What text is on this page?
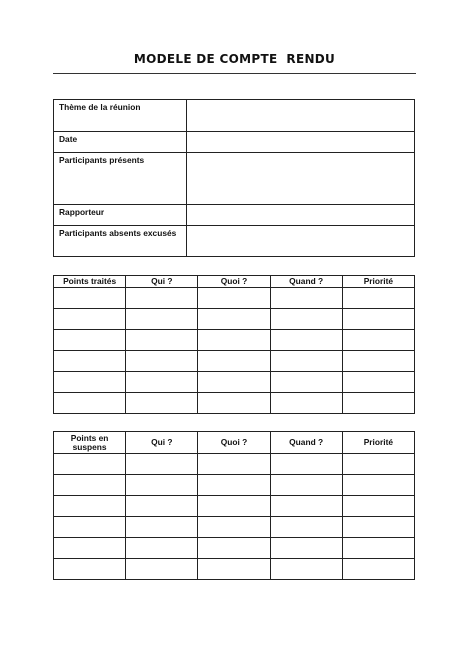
MODELE DE COMPTE  RENDU
Thème de la réunion	
Date	
Participants présents	
Rapporteur	
Participants absents excusés	
Points traités	Qui ?	Quoi ?	Quand ?	Priorité

Points en suspens	Qui ?	Quoi ?	Quand ?	Priorité
